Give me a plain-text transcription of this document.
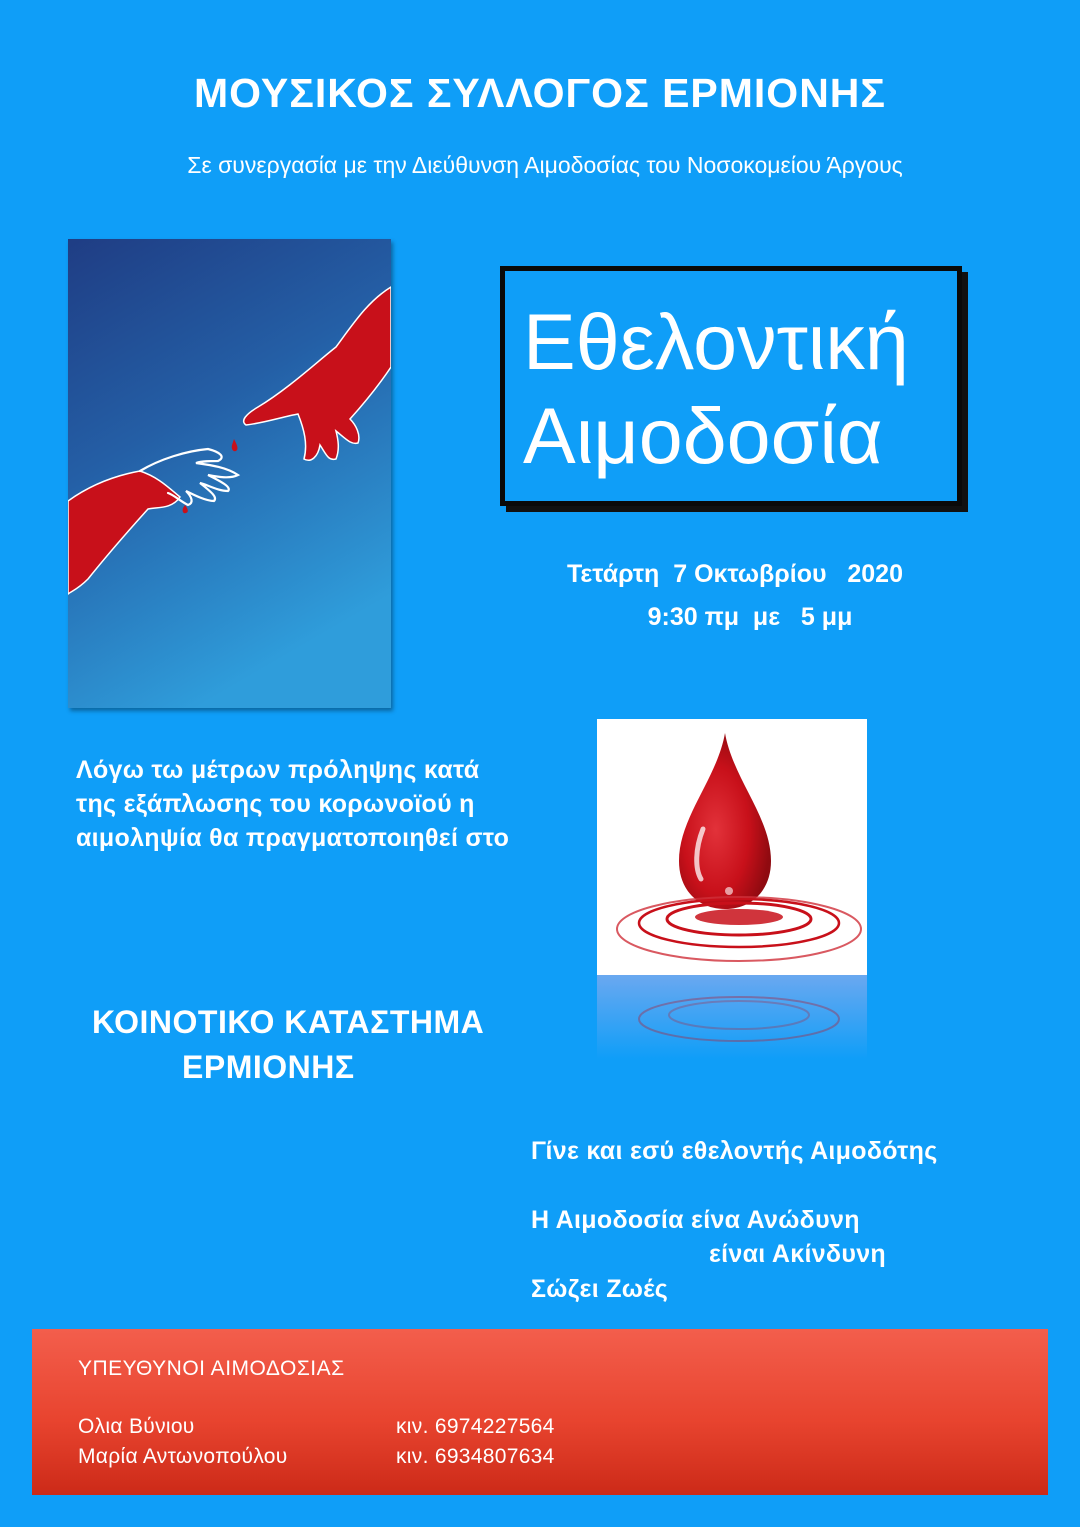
ΜΟΥΣΙΚΟΣ ΣΥΛΛΟΓΟΣ ΕΡΜΙΟΝΗΣ
Σε συνεργασία με την Διεύθυνση Αιμοδοσίας του Νοσοκομείου Άργους
Εθελοντική
Αιμοδοσία
Τετάρτη  7 Οκτωβρίου   2020
9:30 πμ  με   5 μμ
Λόγω τω μέτρων πρόληψης κατά
της εξάπλωσης του κορωνοϊού η
αιμοληψία θα πραγματοποιηθεί στο
ΚΟΙΝΟΤΙΚΟ ΚΑΤΑΣΤΗΜΑ
ΕΡΜΙΟΝΗΣ
Γίνε και εσύ εθελοντής Αιμοδότης
Η Αιμοδοσία είνα Ανώδυνη
είναι Ακίνδυνη
Σώζει Ζωές
ΥΠΕΥΘΥΝΟΙ ΑΙΜΟΔΟΣΙΑΣ
Ολια Βύνιου	κιν. 6974227564
Μαρία Αντωνοπούλου	κιν. 6934807634
